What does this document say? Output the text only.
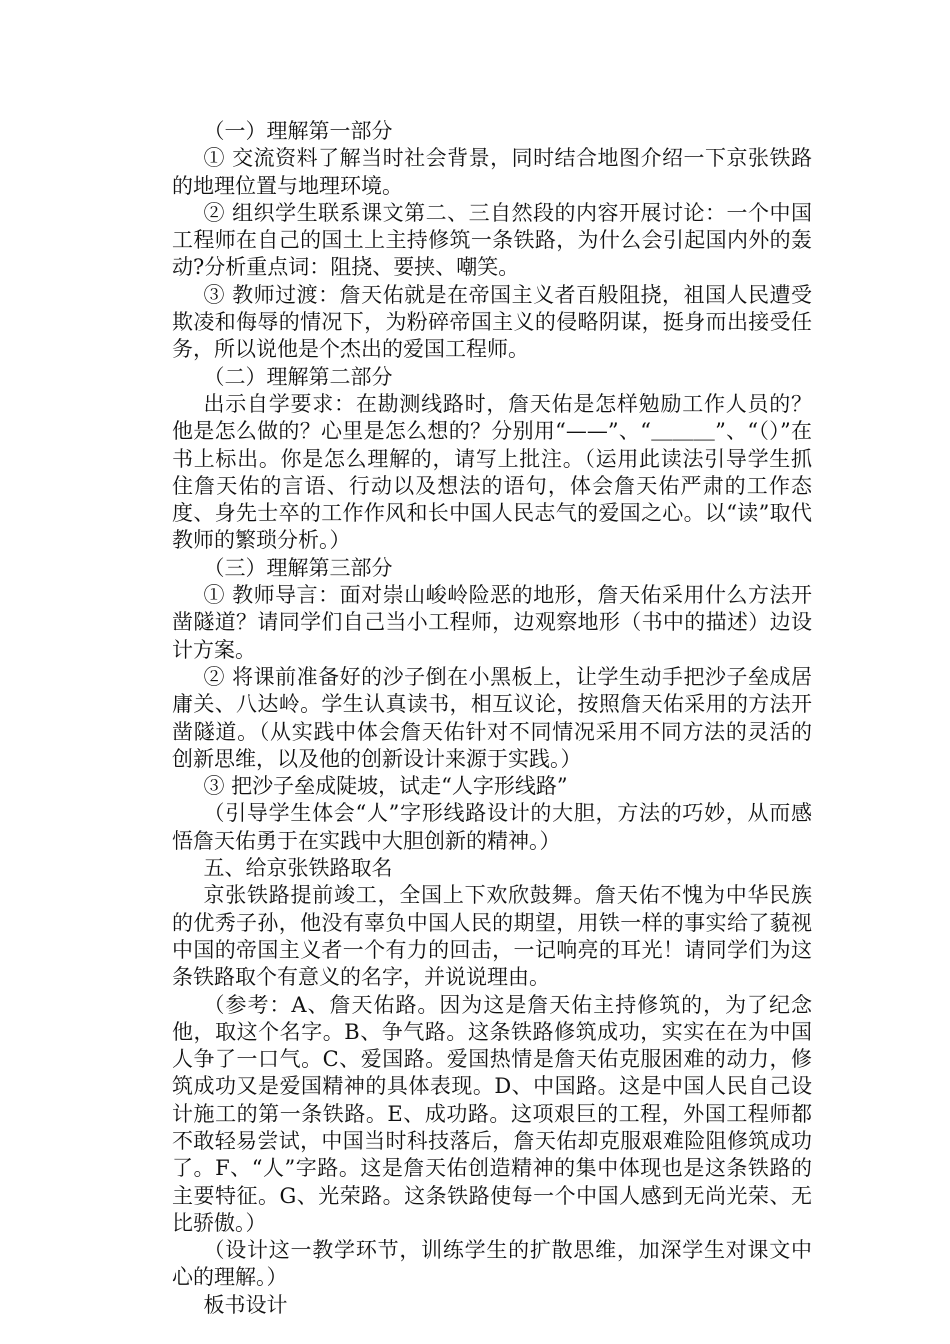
（一）理解第一部分

① 交流资料了解当时社会背景，同时结合地图介绍一下京张铁路的地理位置与地理环境。

② 组织学生联系课文第二、三自然段的内容开展讨论：一个中国工程师在自己的国土上主持修筑一条铁路，为什么会引起国内外的轰动?分析重点词：阻挠、要挟、嘲笑。

③ 教师过渡：詹天佑就是在帝国主义者百般阻挠，祖国人民遭受欺凌和侮辱的情况下，为粉碎帝国主义的侵略阴谋，挺身而出接受任务，所以说他是个杰出的爱国工程师。

（二）理解第二部分

出示自学要求：在勘测线路时，詹天佑是怎样勉励工作人员的？他是怎么做的？心里是怎么想的？分别用“——”、“＿＿＿”、“（）”在书上标出。你是怎么理解的，请写上批注。（运用此读法引导学生抓住詹天佑的言语、行动以及想法的语句，体会詹天佑严肃的工作态度、身先士卒的工作作风和长中国人民志气的爱国之心。以“读”取代教师的繁琐分析。）

（三）理解第三部分

① 教师导言：面对崇山峻岭险恶的地形，詹天佑采用什么方法开凿隧道？请同学们自己当小工程师，边观察地形（书中的描述）边设计方案。

② 将课前准备好的沙子倒在小黑板上，让学生动手把沙子垒成居庸关、八达岭。学生认真读书，相互议论，按照詹天佑采用的方法开凿隧道。（从实践中体会詹天佑针对不同情况采用不同方法的灵活的创新思维，以及他的创新设计来源于实践。）

③ 把沙子垒成陡坡，试走“人字形线路”

（引导学生体会“人”字形线路设计的大胆，方法的巧妙，从而感悟詹天佑勇于在实践中大胆创新的精神。）

五、给京张铁路取名

京张铁路提前竣工，全国上下欢欣鼓舞。詹天佑不愧为中华民族的优秀子孙，他没有辜负中国人民的期望，用铁一样的事实给了藐视中国的帝国主义者一个有力的回击，一记响亮的耳光！请同学们为这条铁路取个有意义的名字，并说说理由。

（参考：A、詹天佑路。因为这是詹天佑主持修筑的，为了纪念他，取这个名字。B、争气路。这条铁路修筑成功，实实在在为中国人争了一口气。C、爱国路。爱国热情是詹天佑克服困难的动力，修筑成功又是爱国精神的具体表现。D、中国路。这是中国人民自己设计施工的第一条铁路。E、成功路。这项艰巨的工程，外国工程师都不敢轻易尝试，中国当时科技落后，詹天佑却克服艰难险阻修筑成功了。F、“人”字路。这是詹天佑创造精神的集中体现也是这条铁路的主要特征。G、光荣路。这条铁路使每一个中国人感到无尚光荣、无比骄傲。）

（设计这一教学环节，训练学生的扩散思维，加深学生对课文中心的理解。）

板书设计
